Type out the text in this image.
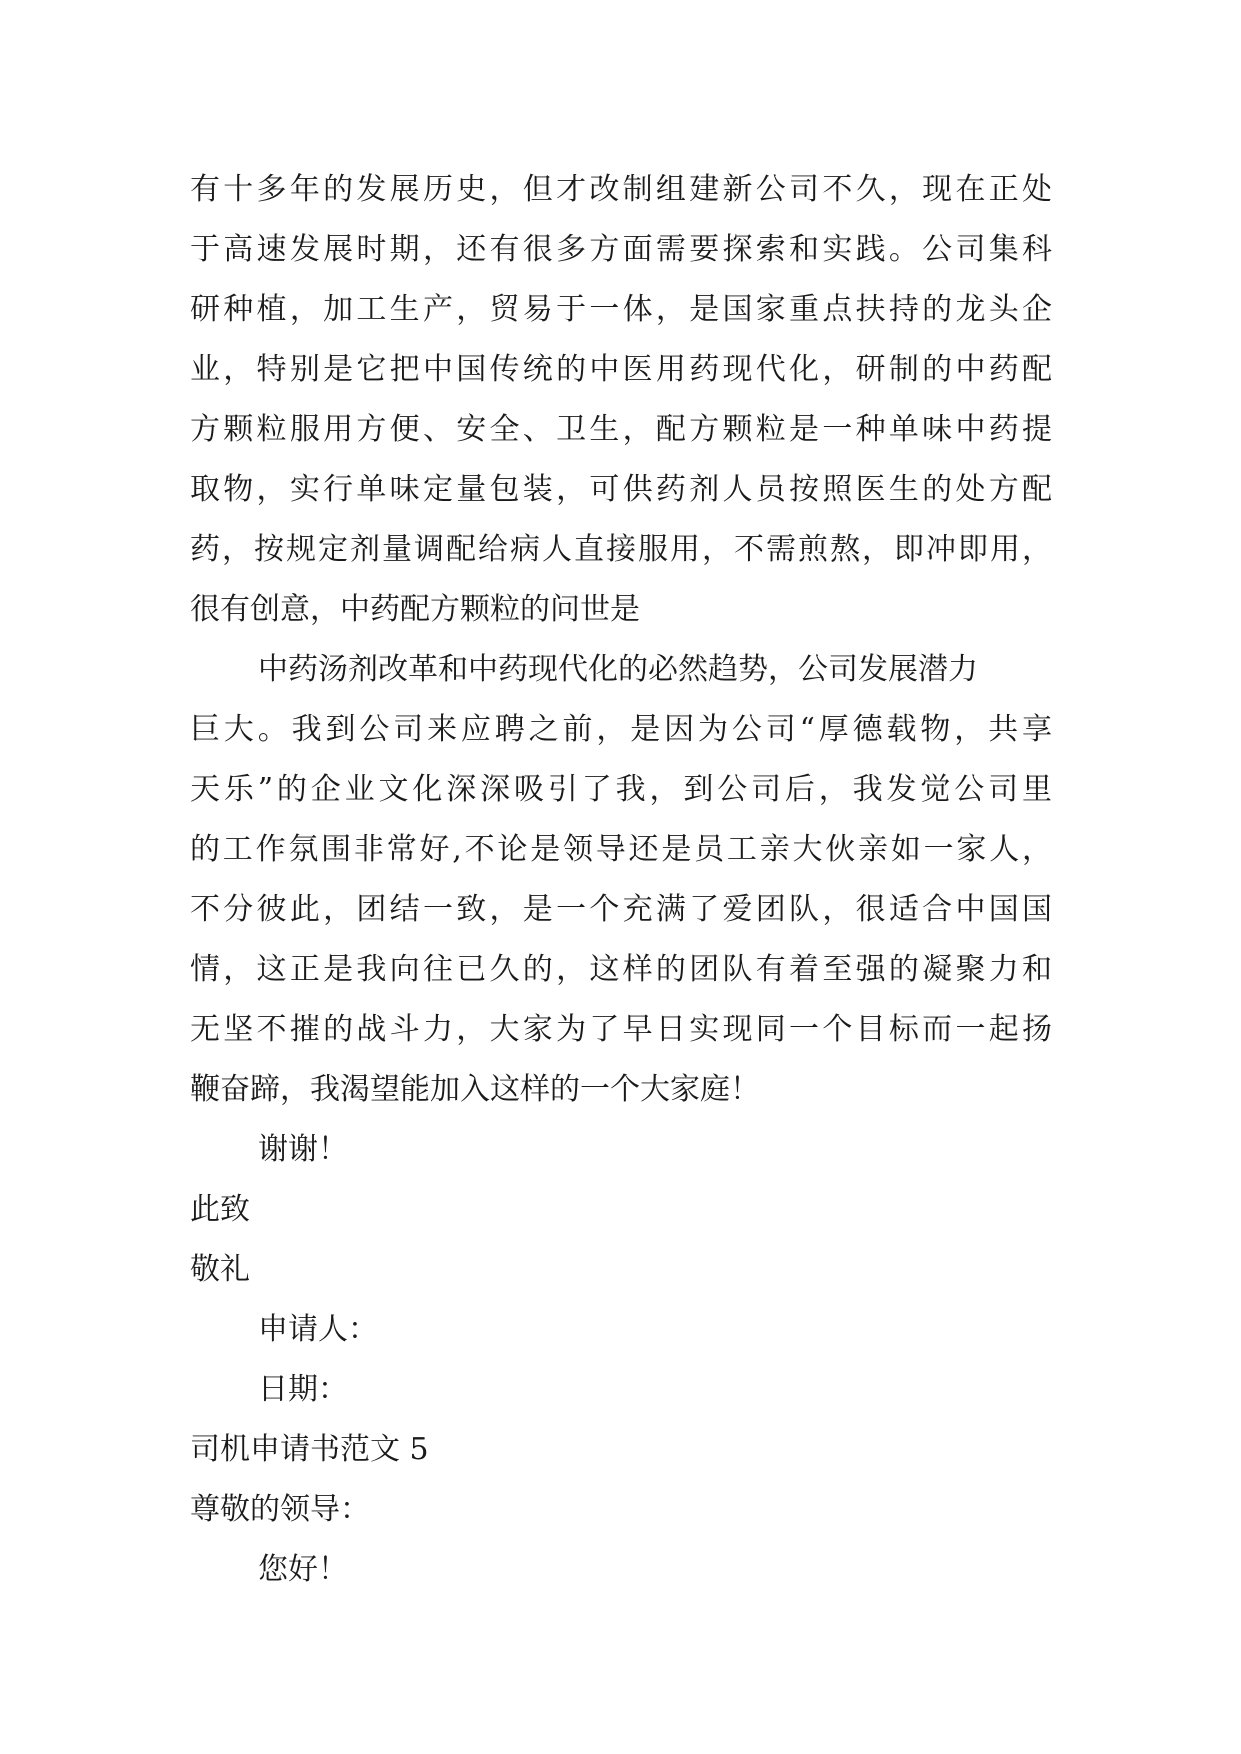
有十多年的发展历史，但才改制组建新公司不久，现在正处
于高速发展时期，还有很多方面需要探索和实践。公司集科
研种植，加工生产，贸易于一体，是国家重点扶持的龙头企
业，特别是它把中国传统的中医用药现代化，研制的中药配
方颗粒服用方便、安全、卫生，配方颗粒是一种单味中药提
取物，实行单味定量包装，可供药剂人员按照医生的处方配
药，按规定剂量调配给病人直接服用，不需煎熬，即冲即用，
很有创意，中药配方颗粒的问世是
中药汤剂改革和中药现代化的必然趋势，公司发展潜力
巨大。我到公司来应聘之前，是因为公司“厚德载物，共享
天乐”的企业文化深深吸引了我，到公司后，我发觉公司里
的工作氛围非常好,不论是领导还是员工亲大伙亲如一家人，
不分彼此，团结一致，是一个充满了爱团队，很适合中国国
情，这正是我向往已久的，这样的团队有着至强的凝聚力和
无坚不摧的战斗力，大家为了早日实现同一个目标而一起扬
鞭奋蹄，我渴望能加入这样的一个大家庭！
谢谢！
此致
敬礼
申请人：
日期：
司机申请书范文 5
尊敬的领导：
您好！
